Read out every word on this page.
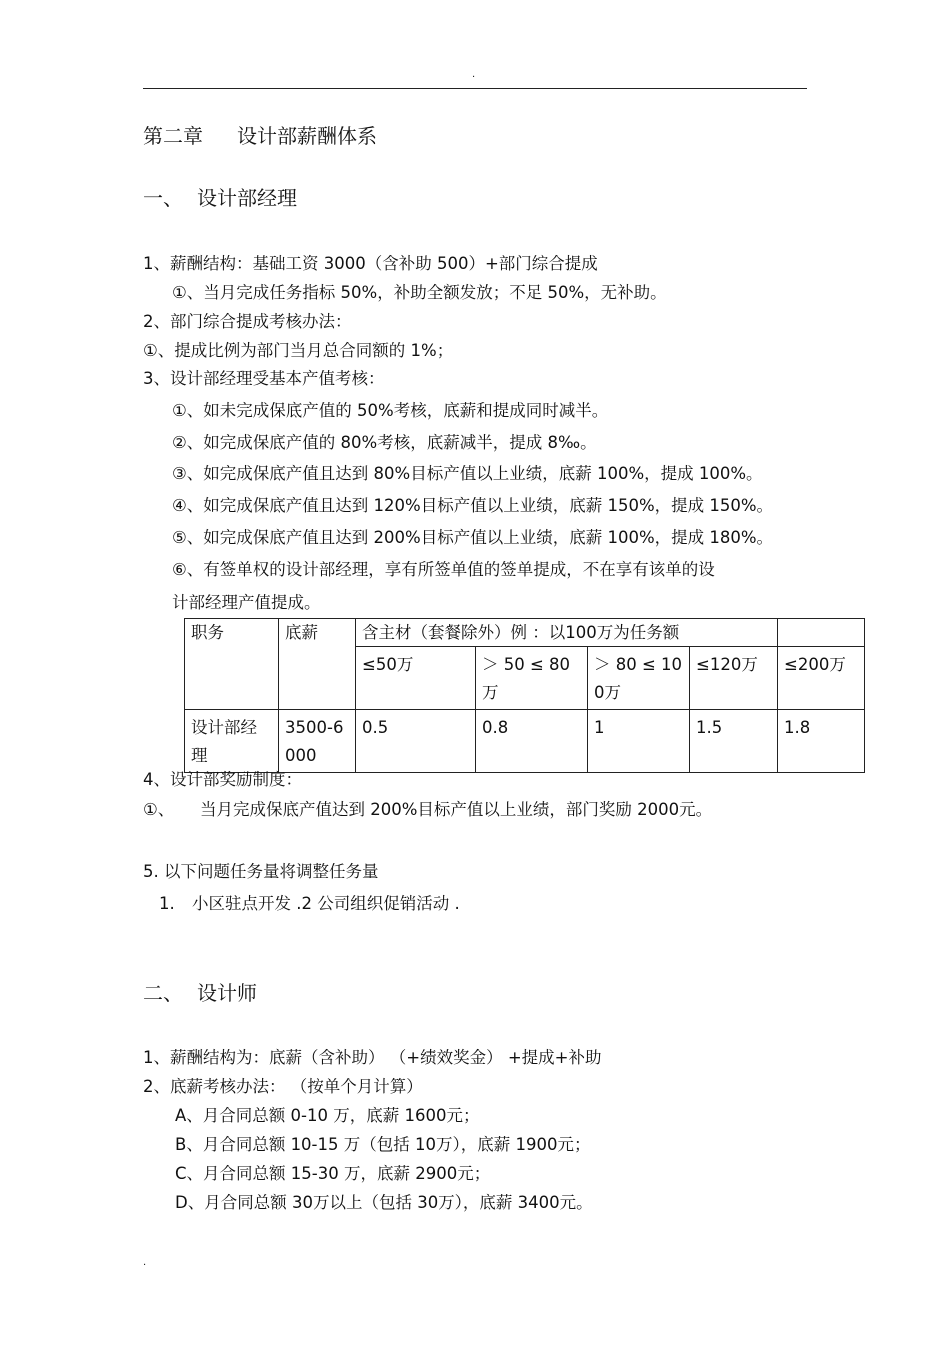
.
第二章 设计部薪酬体系
一、 设计部经理
1、薪酬结构：基础工资 3000（含补助 500）+部门综合提成
①、当月完成任务指标 50%，补助全额发放；不足 50%，无补助。
2、部门综合提成考核办法：
①、提成比例为部门当月总合同额的 1%；
3、设计部经理受基本产值考核：
①、如未完成保底产值的 50%考核，底薪和提成同时减半。
②、如完成保底产值的 80%考核，底薪减半，提成 8‰。
③、如完成保底产值且达到 80%目标产值以上业绩，底薪 100%，提成 100%。
④、如完成保底产值且达到 120%目标产值以上业绩，底薪 150%，提成 150%。
⑤、如完成保底产值且达到 200%目标产值以上业绩，底薪 100%，提成 180%。
⑥、有签单权的设计部经理，享有所签单值的签单提成，不在享有该单的设
计部经理产值提成。
职务	底薪	含主材（套餐除外）例 ：以100万为任务额				
		≤50万	＞ 50 ≤ 80 万	＞ 80 ≤ 100万	≤120万	≤200万
设计部经理	3500-6000	0.5	0.8	1	1.5	1.8
4、设计部奖励制度：
①、 当月完成保底产值达到 200%目标产值以上业绩，部门奖励 2000元。
5. 以下问题任务量将调整任务量
1. 小区驻点开发 .2 公司组织促销活动 .
二、 设计师
1、薪酬结构为：底薪（含补助） （+绩效奖金） +提成+补助
2、底薪考核办法： （按单个月计算）
A、月合同总额 0-10 万，底薪 1600元；
B、月合同总额 10-15 万（包括 10万），底薪 1900元；
C、月合同总额 15-30 万，底薪 2900元；
D、月合同总额 30万以上（包括 30万），底薪 3400元。
.
